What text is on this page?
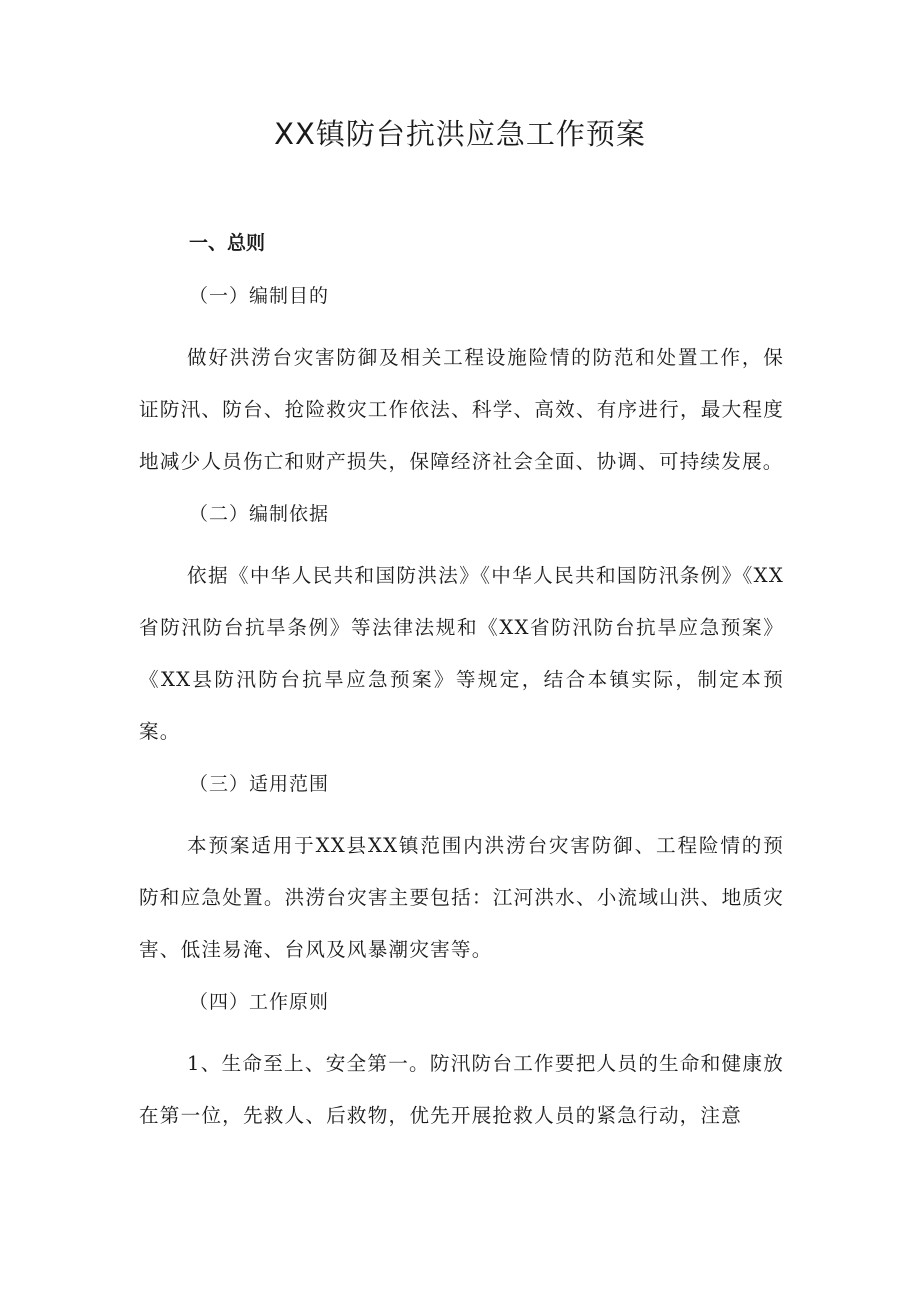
XX镇防台抗洪应急工作预案
一、总则
（一）编制目的

做好洪涝台灾害防御及相关工程设施险情的防范和处置工作，保证防汛、防台、抢险救灾工作依法、科学、高效、有序进行，最大程度地减少人员伤亡和财产损失，保障经济社会全面、协调、可持续发展。

（二）编制依据

依据《中华人民共和国防洪法》《中华人民共和国防汛条例》《XX省防汛防台抗旱条例》等法律法规和《XX省防汛防台抗旱应急预案》《XX县防汛防台抗旱应急预案》等规定，结合本镇实际，制定本预案。

（三）适用范围

本预案适用于XX县XX镇范围内洪涝台灾害防御、工程险情的预防和应急处置。洪涝台灾害主要包括：江河洪水、小流域山洪、地质灾害、低洼易淹、台风及风暴潮灾害等。

（四）工作原则

1、生命至上、安全第一。防汛防台工作要把人员的生命和健康放在第一位，先救人、后救物，优先开展抢救人员的紧急行动，注意
